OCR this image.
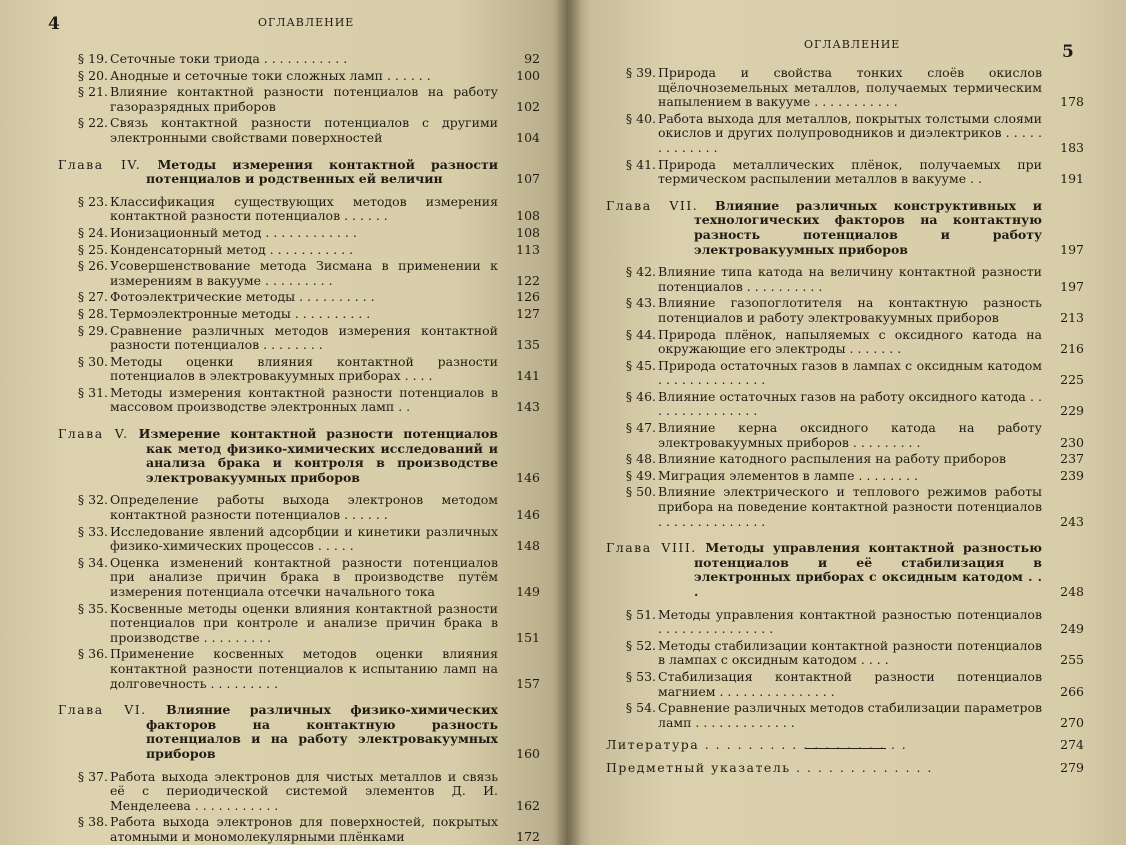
4	ОГЛАВЛЕНИЕ
§ 19. Сеточные токи триода . . . . . . . . . . .	92
§ 20. Анодные и сеточные токи сложных ламп . . . . . .	100
§ 21. Влияние контактной разности потенциалов на работу газоразрядных приборов	102
§ 22. Связь контактной разности потенциалов с другими электронными свойствами поверхностей	104
Глава IV. Методы измерения контактной разности потенциалов и родственных ей величин	107
§ 23. Классификация существующих методов измерения контактной разности потенциалов . . . . . .	108
§ 24. Ионизационный метод . . . . . . . . . . . .	108
§ 25. Конденсаторный метод . . . . . . . . . . .	113
§ 26. Усовершенствование метода Зисмана в применении к измерениям в вакууме . . . . . . . . .	122
§ 27. Фотоэлектрические методы . . . . . . . . . .	126
§ 28. Термоэлектронные методы . . . . . . . . . .	127
§ 29. Сравнение различных методов измерения контактной разности потенциалов . . . . . . . .	135
§ 30. Методы оценки влияния контактной разности потенциалов в электровакуумных приборах . . . .	141
§ 31. Методы измерения контактной разности потенциалов в массовом производстве электронных ламп . .	143
Глава V. Измерение контактной разности потенциалов как метод физико-химических исследований и анализа брака и контроля в производстве электровакуумных приборов	146
§ 32. Определение работы выхода электронов методом контактной разности потенциалов . . . . . .	146
§ 33. Исследование явлений адсорбции и кинетики различных физико-химических процессов . . . . .	148
§ 34. Оценка изменений контактной разности потенциалов при анализе причин брака в производстве путём измерения потенциала отсечки начального тока	149
§ 35. Косвенные методы оценки влияния контактной разности потенциалов при контроле и анализе причин брака в производстве . . . . . . . . .	151
§ 36. Применение косвенных методов оценки влияния контактной разности потенциалов к испытанию ламп на долговечность . . . . . . . . .	157
Глава VI. Влияние различных физико-химических факторов на контактную разность потенциалов и на работу электровакуумных приборов	160
§ 37. Работа выхода электронов для чистых металлов и связь её с периодической системой элементов Д. И. Менделеева . . . . . . . . . . .	162
§ 38. Работа выхода электронов для поверхностей, покрытых атомными и мономолекулярными плёнками	172
ОГЛАВЛЕНИЕ	5
§ 39. Природа и свойства тонких слоёв окислов щёлочноземельных металлов, получаемых термическим напылением в вакууме . . . . . . . . . . .	178
§ 40. Работа выхода для металлов, покрытых толстыми слоями окислов и других полупроводников и диэлектриков . . . . . . . . . . . . .	183
§ 41. Природа металлических плёнок, получаемых при термическом распылении металлов в вакууме . .	191
Глава VII. Влияние различных конструктивных и технологических факторов на контактную разность потенциалов и работу электровакуумных приборов	197
§ 42. Влияние типа катода на величину контактной разности потенциалов . . . . . . . . . .	197
§ 43. Влияние газопоглотителя на контактную разность потенциалов и работу электровакуумных приборов	213
§ 44. Природа плёнок, напыляемых с оксидного катода на окружающие его электроды . . . . . . .	216
§ 45. Природа остаточных газов в лампах с оксидным катодом . . . . . . . . . . . . . .	225
§ 46. Влияние остаточных газов на работу оксидного катода . . . . . . . . . . . . . . .	229
§ 47. Влияние керна оксидного катода на работу электровакуумных приборов . . . . . . . . .	230
§ 48. Влияние катодного распыления на работу приборов	237
§ 49. Миграция элементов в лампе . . . . . . . .	239
§ 50. Влияние электрического и теплового режимов работы прибора на поведение контактной разности потенциалов . . . . . . . . . . . . . .	243
Глава VIII. Методы управления контактной разностью потенциалов и её стабилизация в электронных приборах с оксидным катодом . . .	248
§ 51. Методы управления контактной разностью потенциалов . . . . . . . . . . . . . . .	249
§ 52. Методы стабилизации контактной разности потенциалов в лампах с оксидным катодом . . . .	255
§ 53. Стабилизация контактной разности потенциалов магнием . . . . . . . . . . . . . . .	266
§ 54. Сравнение различных методов стабилизации параметров ламп . . . . . . . . . . . . .	270
Литература . . . . . . . . . . . . . . . . . . .	274
Предметный указатель . . . . . . . . . . . . .	279
